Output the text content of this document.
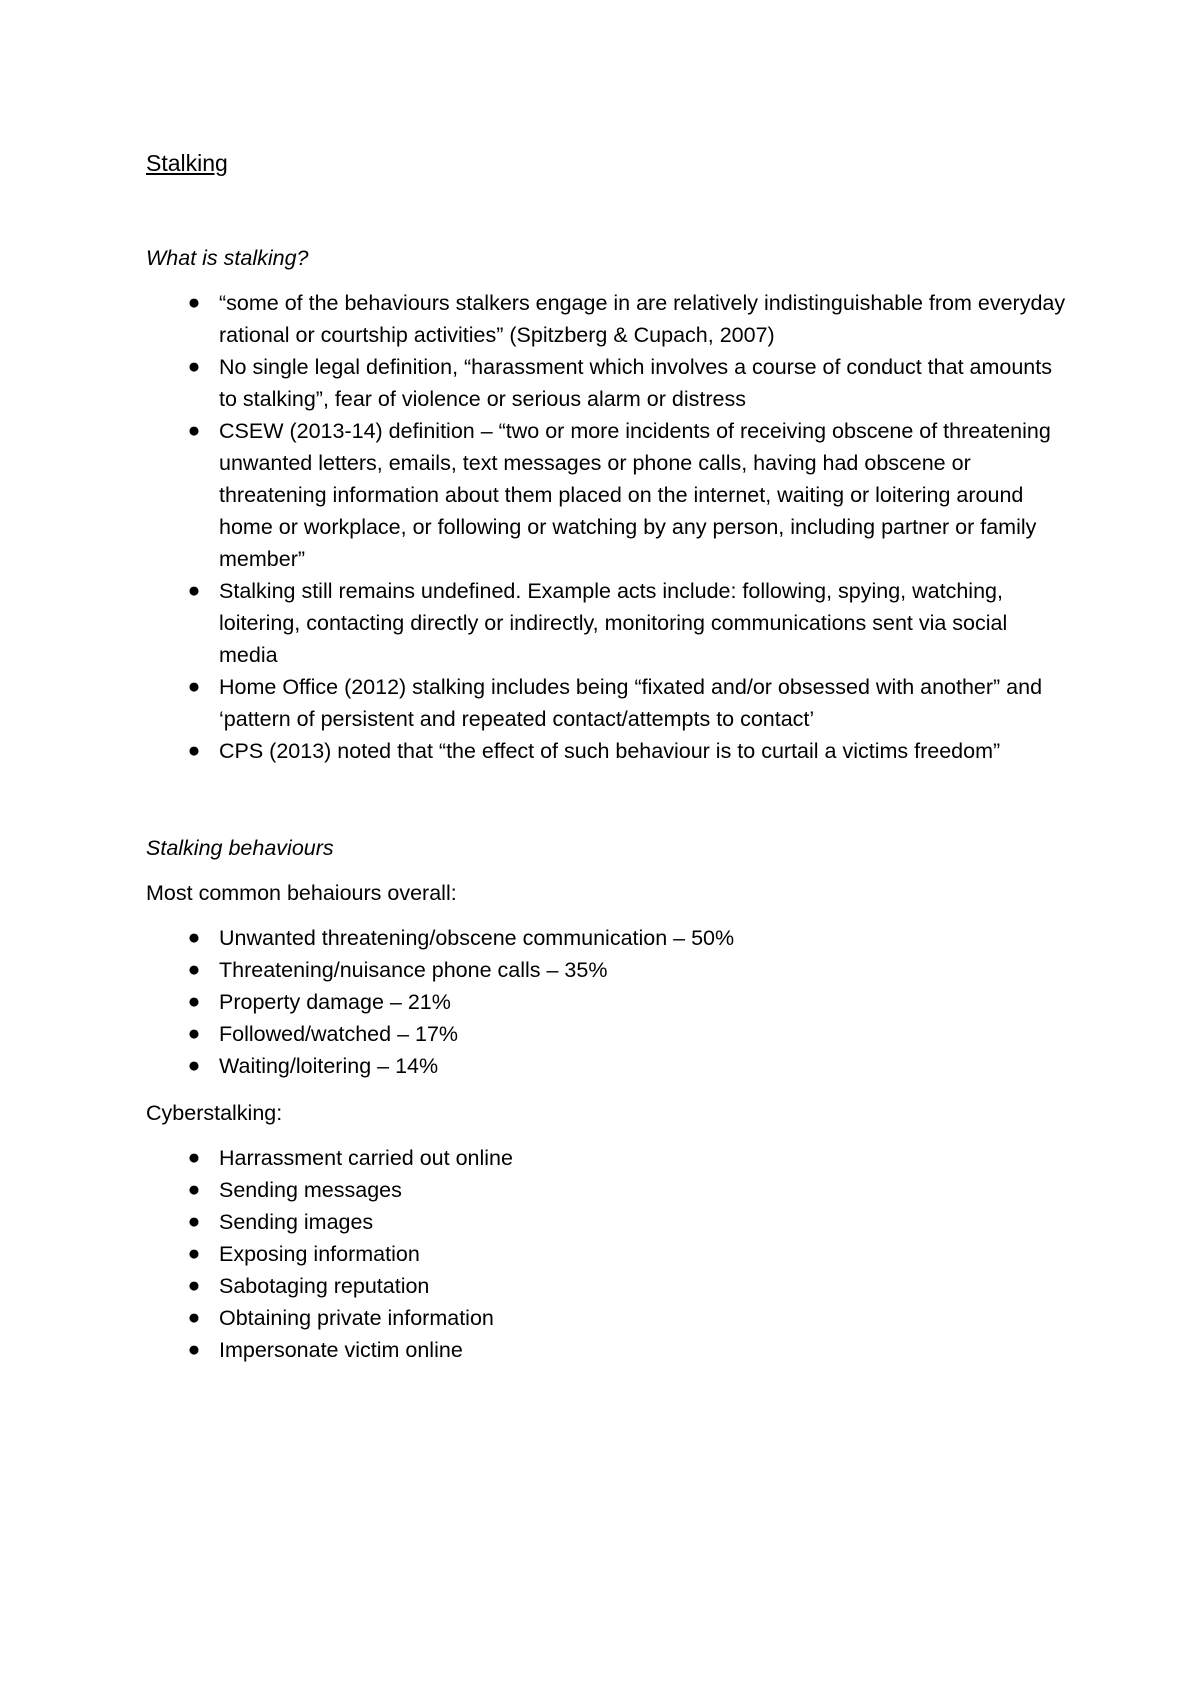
Stalking
What is stalking?
● “some of the behaviours stalkers engage in are relatively indistinguishable from everyday rational or courtship activities” (Spitzberg & Cupach, 2007)
● No single legal definition, “harassment which involves a course of conduct that amounts to stalking”, fear of violence or serious alarm or distress
● CSEW (2013-14) definition – “two or more incidents of receiving obscene of threatening unwanted letters, emails, text messages or phone calls, having had obscene or threatening information about them placed on the internet, waiting or loitering around home or workplace, or following or watching by any person, including partner or family member”
● Stalking still remains undefined. Example acts include: following, spying, watching, loitering, contacting directly or indirectly, monitoring communications sent via social media
● Home Office (2012) stalking includes being “fixated and/or obsessed with another” and ‘pattern of persistent and repeated contact/attempts to contact’
● CPS (2013) noted that “the effect of such behaviour is to curtail a victims freedom”
Stalking behaviours

Most common behaiours overall:

● Unwanted threatening/obscene communication – 50%
● Threatening/nuisance phone calls – 35%
● Property damage – 21%
● Followed/watched – 17%
● Waiting/loitering – 14%

Cyberstalking:

● Harrassment carried out online
● Sending messages
● Sending images
● Exposing information
● Sabotaging reputation
● Obtaining private information
● Impersonate victim online
